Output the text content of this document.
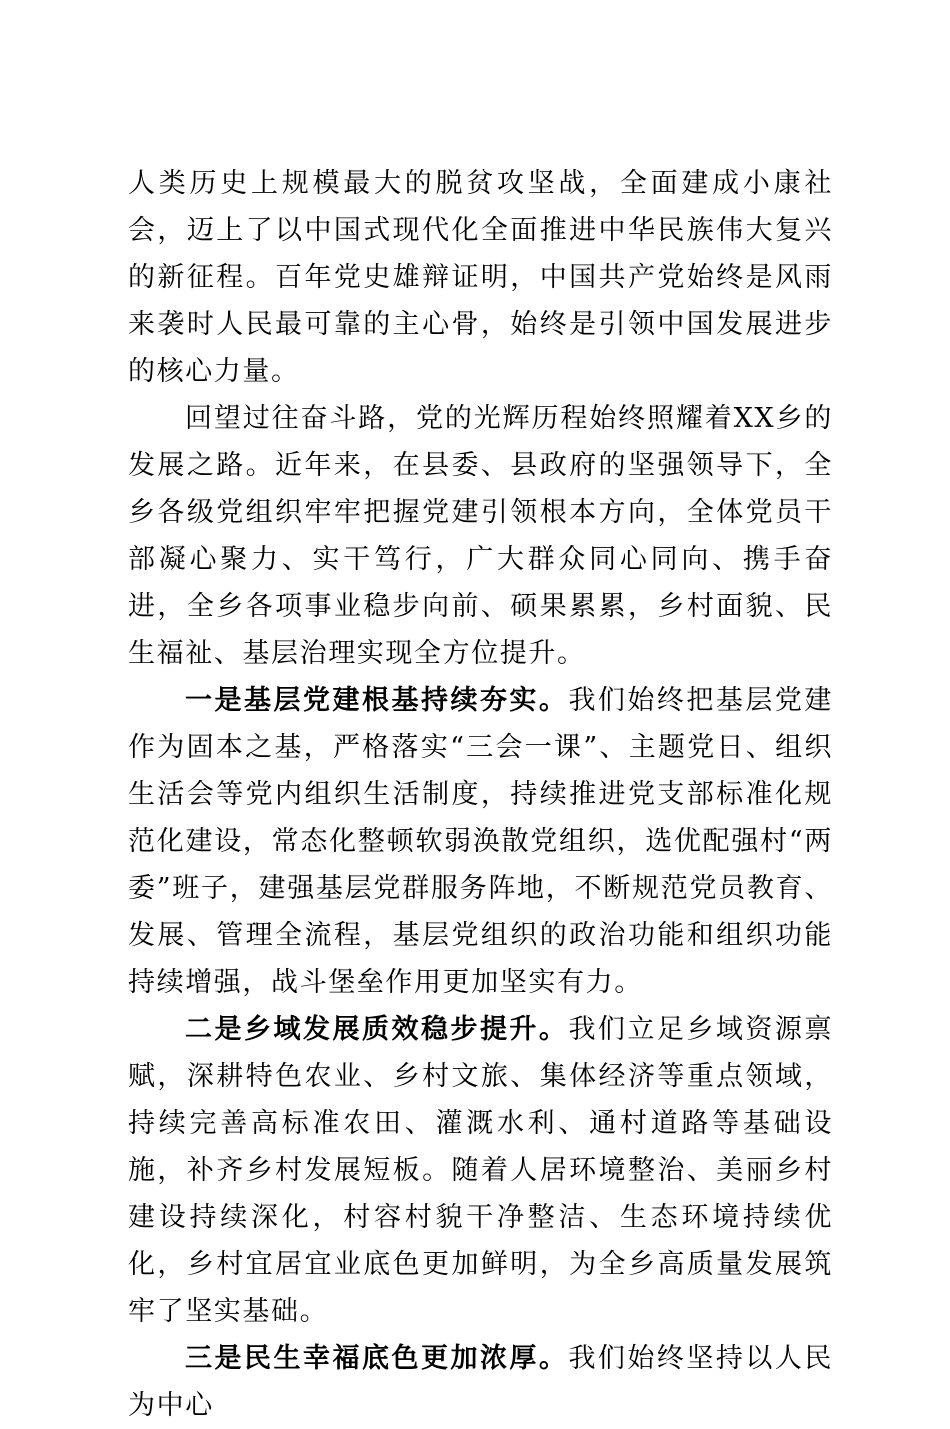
人类历史上规模最大的脱贫攻坚战，全面建成小康社会，迈上了以中国式现代化全面推进中华民族伟大复兴的新征程。百年党史雄辩证明，中国共产党始终是风雨来袭时人民最可靠的主心骨，始终是引领中国发展进步的核心力量。

回望过往奋斗路，党的光辉历程始终照耀着XX乡的发展之路。近年来，在县委、县政府的坚强领导下，全乡各级党组织牢牢把握党建引领根本方向，全体党员干部凝心聚力、实干笃行，广大群众同心同向、携手奋进，全乡各项事业稳步向前、硕果累累，乡村面貌、民生福祉、基层治理实现全方位提升。

一是基层党建根基持续夯实。我们始终把基层党建作为固本之基，严格落实“三会一课”、主题党日、组织生活会等党内组织生活制度，持续推进党支部标准化规范化建设，常态化整顿软弱涣散党组织，选优配强村“两委”班子，建强基层党群服务阵地，不断规范党员教育、发展、管理全流程，基层党组织的政治功能和组织功能持续增强，战斗堡垒作用更加坚实有力。

二是乡域发展质效稳步提升。我们立足乡域资源禀赋，深耕特色农业、乡村文旅、集体经济等重点领域，持续完善高标准农田、灌溉水利、通村道路等基础设施，补齐乡村发展短板。随着人居环境整治、美丽乡村建设持续深化，村容村貌干净整洁、生态环境持续优化，乡村宜居宜业底色更加鲜明，为全乡高质量发展筑牢了坚实基础。

三是民生幸福底色更加浓厚。我们始终坚持以人民为中心
